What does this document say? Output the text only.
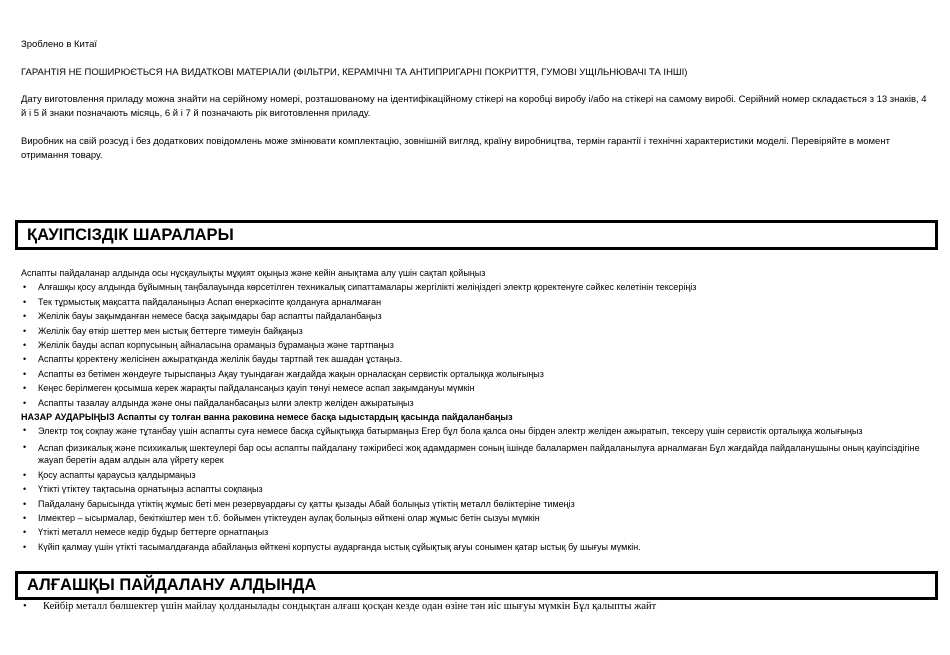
Зроблено в Китаї

ГАРАНТІЯ НЕ ПОШИРЮЄТЬСЯ НА ВИДАТКОВІ МАТЕРІАЛИ (ФІЛЬТРИ, КЕРАМІЧНІ ТА АНТИПРИГАРНІ ПОКРИТТЯ, ГУМОВІ УЩІЛЬНЮВАЧІ ТА ІНШІ)

Дату виготовлення приладу можна знайти на серійному номері, розташованому на ідентифікаційному стікері на коробці виробу і/або на стікері на самому виробі. Серійний номер складається з 13 знаків, 4 й і 5 й знаки позначають місяць, 6 й і 7 й позначають рік виготовлення приладу.

Виробник на свій розсуд і без додаткових повідомлень може змінювати комплектацію, зовнішній вигляд, країну виробництва, термін гарантії і технічні характеристики моделі. Перевіряйте в момент отримання товару.

ҚАУІПСІЗДІК ШАРАЛАРЫ
Аспапты пайдаланар алдында осы нұсқаулықты мұқият оқыңыз және кейін анықтама алу үшін сақтап қойыңыз
• Алғашқы қосу алдында бұйымның таңбалауында көрсетілген техникалық сипаттамалары жергілікті желіңіздегі электр қоректенуге сәйкес келетінін тексеріңіз
• Тек тұрмыстық мақсатта пайдаланыңыз Аспап өнеркәсіпте қолдануға арналмаған
• Желілік бауы зақымданған немесе басқа зақымдары бар аспапты пайдаланбаңыз
• Желілік бау өткір шеттер мен ыстық беттерге тимеуін байқаңыз
• Желілік бауды аспап корпусының айналасына орамаңыз бұрамаңыз және тартпаңыз
• Аспапты қоректену желісінен ажыратқанда желілік бауды тартпай тек ашадан ұстаңыз.
• Аспапты өз бетімен жөндеуге тырыспаңыз Ақау туындаған жағдайда жақын орналасқан сервистік орталыққа жолығыңыз
• Кеңес берілмеген қосымша керек жарақты пайдалансаңыз қауіп төнуі немесе аспап зақымдануы мүмкін
• Аспапты тазалау алдында және оны пайдаланбасаңыз ылғи электр желіден ажыратыңыз
НАЗАР АУДАРЫҢЫЗ Аспапты су толған ванна раковина немесе басқа ыдыстардың қасында пайдаланбаңыз
• Электр тоқ соқпау және тұтанбау үшін аспапты суға немесе басқа сұйықтыққа батырмаңыз Егер бұл бола қалса оны бірден электр желіден ажыратып, тексеру үшін сервистік орталыққа жолығыңыз
• Аспап физикалық және психикалық шектеулері бар осы аспапты пайдалану тәжірибесі жоқ адамдармен соның ішінде балалармен пайдаланылуға арналмаған Бұл жағдайда пайдаланушыны оның қауіпсіздігіне жауап беретін адам алдын ала үйрету керек
• Қосу аспапты қараусыз қалдырмаңыз
• Үтікті үтіктеу тақтасына орнатыңыз аспапты соқпаңыз
• Пайдалану барысында үтіктің жұмыс беті мен резервуардағы су қатты қызады Абай болыңыз үтіктің металл бөліктеріне тимеңіз
• Ілмектер – ысырмалар, бекіткіштер мен т.б. бойымен үтіктеуден аулақ болыңыз өйткені олар жұмыс бетін сызуы мүмкін
• Үтікті металл немесе кедір бұдыр беттерге орнатпаңыз
• Күйіп қалмау үшін үтікті тасымалдағанда абайлаңыз өйткені корпусты аударғанда ыстық сұйықтық ағуы сонымен қатар ыстық бу шығуы мүмкін.
АЛҒАШҚЫ ПАЙДАЛАНУ АЛДЫНДА
• Кейбір металл бөлшектер үшін майлау қолданылады сондықтан алғаш қосқан кезде одан өзіне тән иіс шығуы мүмкін Бұл қалыпты жайт
